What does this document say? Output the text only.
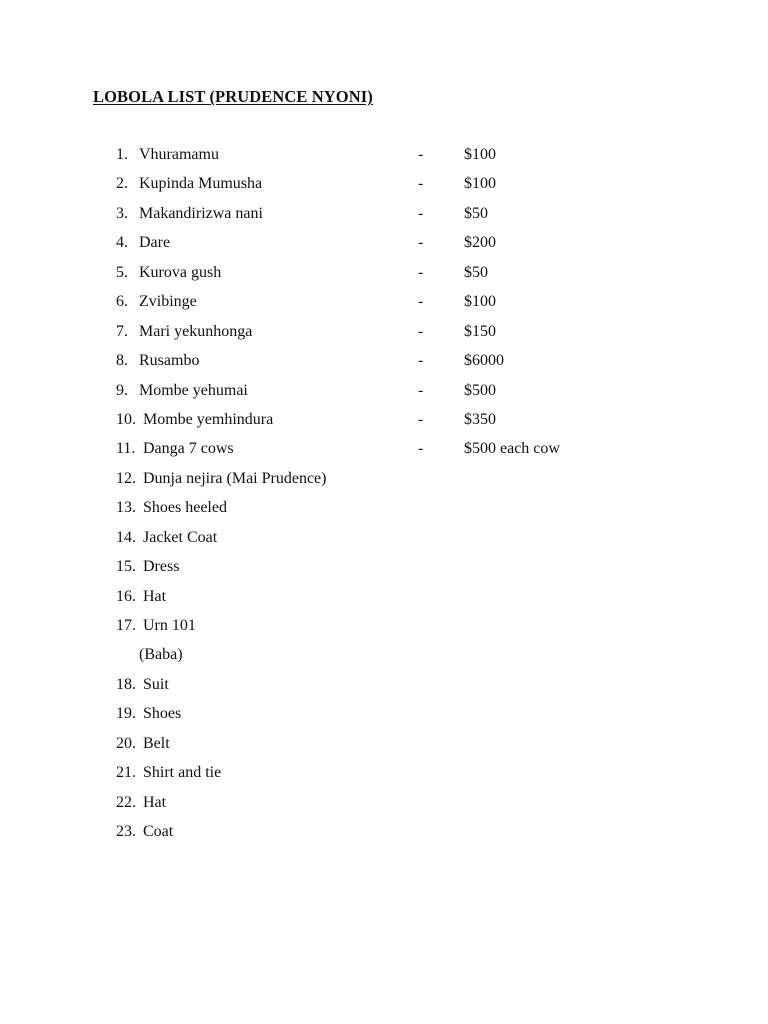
LOBOLA LIST (PRUDENCE NYONI)
1. Vhuramamu	-	$100
2. Kupinda Mumusha	-	$100
3. Makandirizwa nani	-	$50
4. Dare	-	$200
5. Kurova gush	-	$50
6. Zvibinge	-	$100
7. Mari yekunhonga	-	$150
8. Rusambo	-	$6000
9. Mombe yehumai	-	$500
10. Mombe yemhindura	-	$350
11. Danga 7 cows	-	$500 each cow
12. Dunja nejira (Mai Prudence)
13. Shoes heeled
14. Jacket Coat
15. Dress
16. Hat
17. Urn 101
(Baba)
18. Suit
19. Shoes
20. Belt
21. Shirt and tie
22. Hat
23. Coat
